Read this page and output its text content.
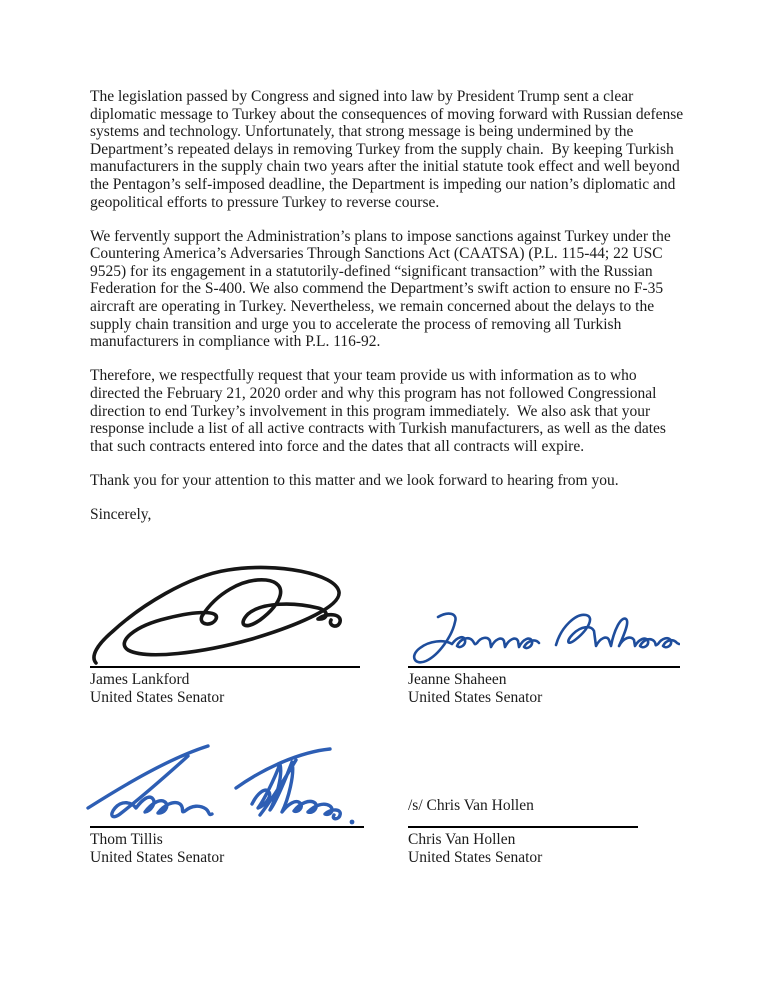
The legislation passed by Congress and signed into law by President Trump sent a clear diplomatic message to Turkey about the consequences of moving forward with Russian defense systems and technology. Unfortunately, that strong message is being undermined by the Department’s repeated delays in removing Turkey from the supply chain.  By keeping Turkish manufacturers in the supply chain two years after the initial statute took effect and well beyond the Pentagon’s self-imposed deadline, the Department is impeding our nation’s diplomatic and geopolitical efforts to pressure Turkey to reverse course.

We fervently support the Administration’s plans to impose sanctions against Turkey under the Countering America’s Adversaries Through Sanctions Act (CAATSA) (P.L. 115-44; 22 USC 9525) for its engagement in a statutorily-defined “significant transaction” with the Russian Federation for the S-400. We also commend the Department’s swift action to ensure no F-35 aircraft are operating in Turkey. Nevertheless, we remain concerned about the delays to the supply chain transition and urge you to accelerate the process of removing all Turkish manufacturers in compliance with P.L. 116-92.

Therefore, we respectfully request that your team provide us with information as to who directed the February 21, 2020 order and why this program has not followed Congressional direction to end Turkey’s involvement in this program immediately.  We also ask that your response include a list of all active contracts with Turkish manufacturers, as well as the dates that such contracts entered into force and the dates that all contracts will expire.

Thank you for your attention to this matter and we look forward to hearing from you.

Sincerely,

James Lankford
United States Senator
Jeanne Shaheen
United States Senator
Thom Tillis
United States Senator
/s/ Chris Van Hollen
Chris Van Hollen
United States Senator
